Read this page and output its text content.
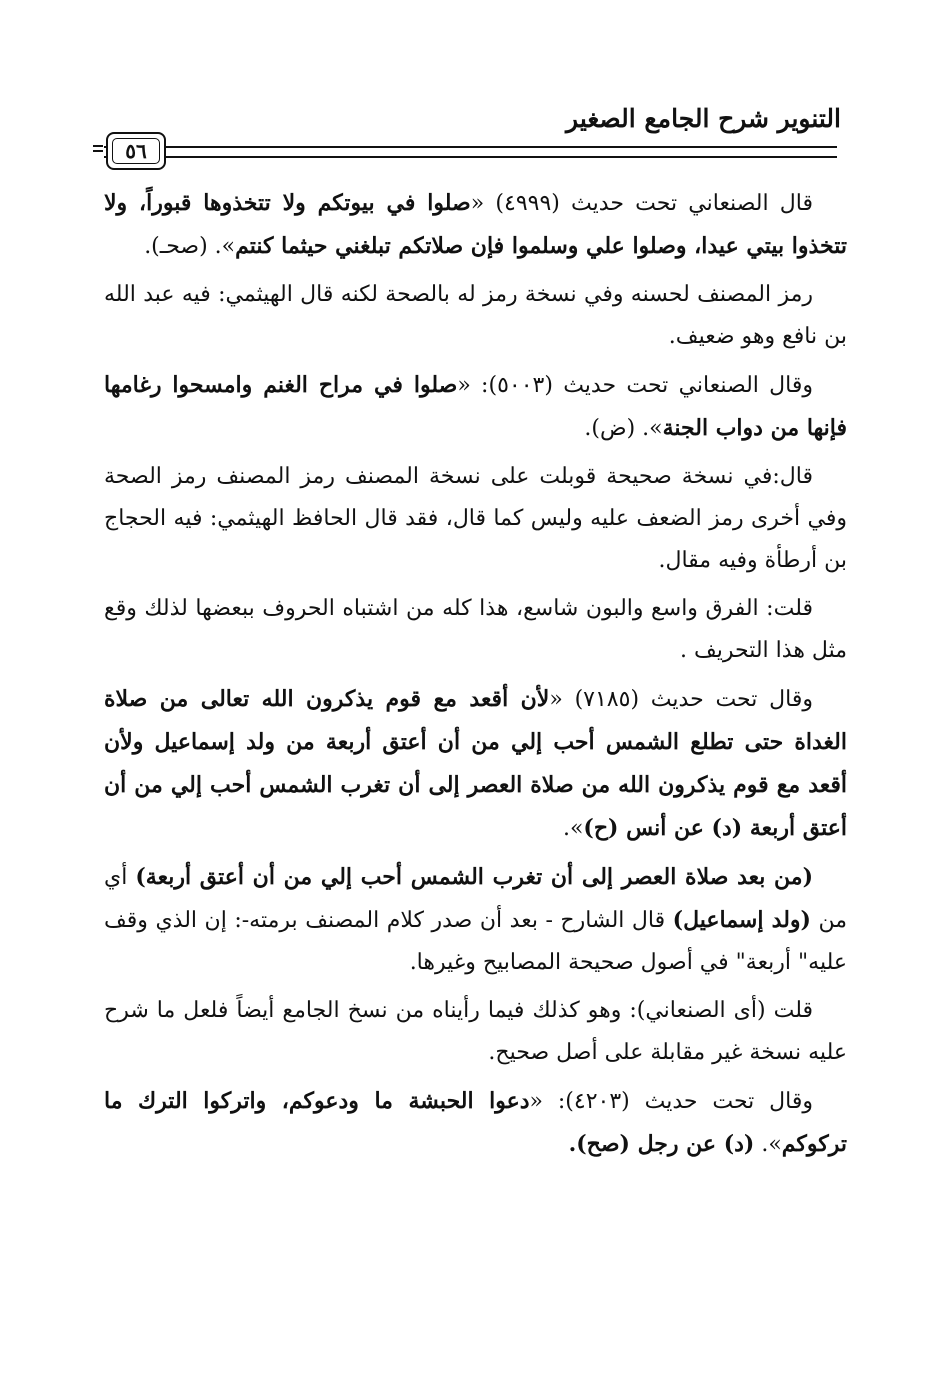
التنوير شرح الجامع الصغير
٥٦

قال الصنعاني تحت حديث (٤٩٩٩) «صلوا في بيوتكم ولا تتخذوها قبوراً، ولا تتخذوا بيتي عيدا، وصلوا علي وسلموا فإن صلاتكم تبلغني حيثما كنتم». (صحـ).

رمز المصنف لحسنه وفي نسخة رمز له بالصحة لكنه قال الهيثمي: فيه عبد الله بن نافع وهو ضعيف.

وقال الصنعاني تحت حديث (٥٠٠٣): «صلوا في مراح الغنم وامسحوا رغامها فإنها من دواب الجنة». (ض).

قال:في نسخة صحيحة قوبلت على نسخة المصنف رمز المصنف رمز الصحة وفي أخرى رمز الضعف عليه وليس كما قال، فقد قال الحافظ الهيثمي: فيه الحجاج بن أرطأة وفيه مقال.

قلت: الفرق واسع والبون شاسع، هذا كله من اشتباه الحروف ببعضها لذلك وقع مثل هذا التحريف .

وقال تحت حديث (٧١٨٥) «لأن أقعد مع قوم يذكرون الله تعالى من صلاة الغداة حتى تطلع الشمس أحب إلي من أن أعتق أربعة من ولد إسماعيل ولأن أقعد مع قوم يذكرون الله من صلاة العصر إلى أن تغرب الشمس أحب إلي من أن أعتق أربعة (د) عن أنس (ح)».

(من بعد صلاة العصر إلى أن تغرب الشمس أحب إلي من أن أعتق أربعة) أي من (ولد إسماعيل) قال الشارح - بعد أن صدر كلام المصنف برمته-: إن الذي وقف عليه" أربعة" في أصول صحيحة المصابيح وغيرها.

قلت (أى الصنعاني): وهو كذلك فيما رأيناه من نسخ الجامع أيضاً فلعل ما شرح عليه نسخة غير مقابلة على أصل صحيح.

وقال تحت حديث (٤٢٠٣): «دعوا الحبشة ما ودعوكم، واتركوا الترك ما تركوكم». (د) عن رجل (صح).
